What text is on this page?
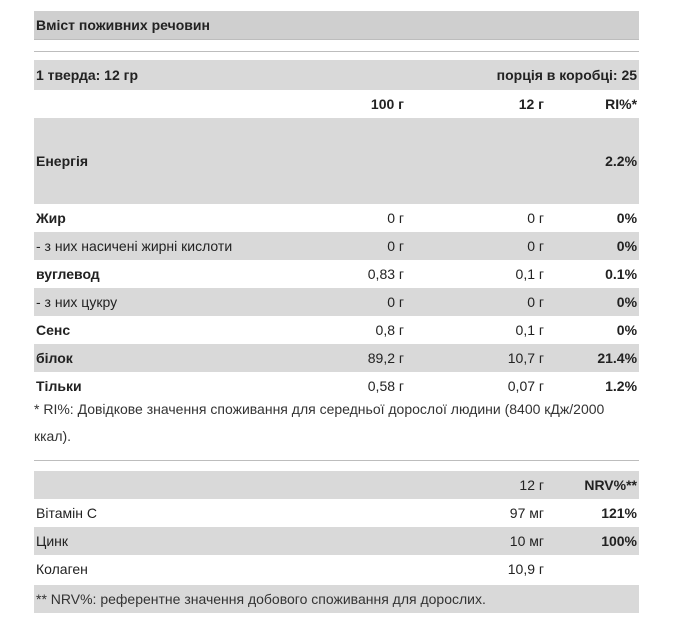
Вміст поживних речовин
1 тверда: 12 гр		порція в коробці: 25	
	100 г	12 г	RI%*
Енергія			2.2%
Жир	0 г	0 г	0%
- з них насичені жирні кислоти	0 г	0 г	0%
вуглевод	0,83 г	0,1 г	0.1%
- з них цукру	0 г	0 г	0%
Сенс	0,8 г	0,1 г	0%
білок	89,2 г	10,7 г	21.4%
Тільки	0,58 г	0,07 г	1.2%
* RI%: Довідкове значення споживання для середньої дорослої людини (8400 кДж/2000 ккал).
	12 г	NRV%**
Вітамін C	97 мг	121%
Цинк	10 мг	100%
Колаген	10,9 г	
** NRV%: референтне значення добового споживання для дорослих.
